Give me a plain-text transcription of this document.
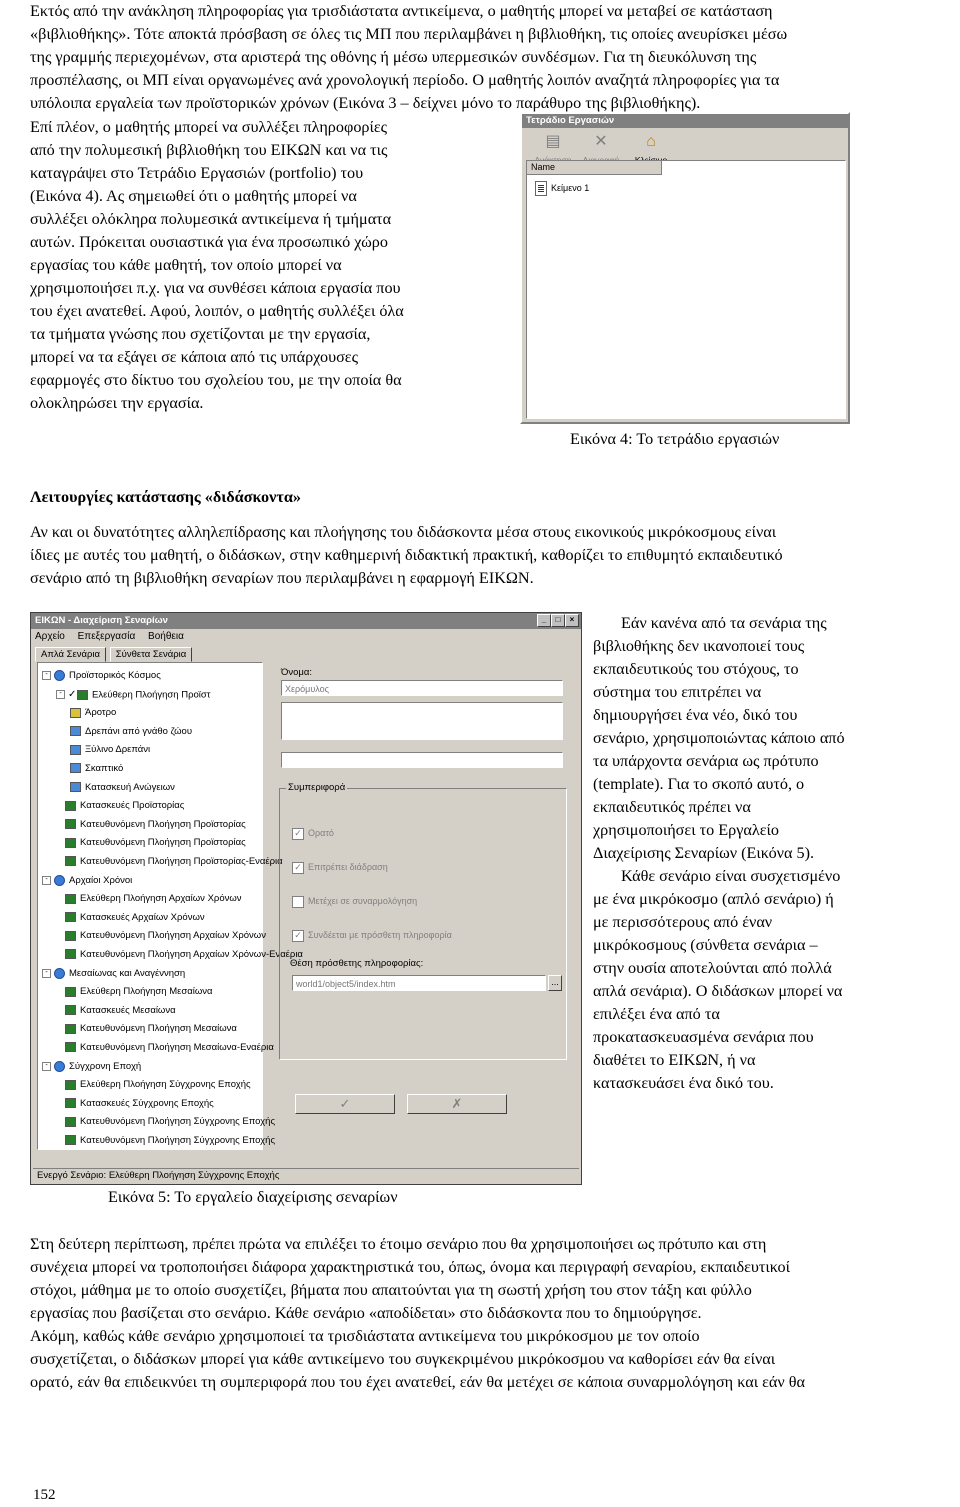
Εκτός από την ανάκληση πληροφορίας για τρισδιάστατα αντικείμενα, ο μαθητής μπορεί να μεταβεί σε κατάσταση
«βιβλιοθήκης». Τότε αποκτά πρόσβαση σε όλες τις ΜΠ που περιλαμβάνει η βιβλιοθήκη, τις οποίες ανευρίσκει μέσω
της γραμμής περιεχομένων, στα αριστερά της οθόνης ή μέσω υπερμεσικών συνδέσμων. Για τη διευκόλυνση της
προσπέλασης, οι ΜΠ είναι οργανωμένες ανά χρονολογική περίοδο. Ο μαθητής λοιπόν αναζητά πληροφορίες για τα
υπόλοιπα εργαλεία των προϊστορικών χρόνων (Εικόνα 3 – δείχνει μόνο το παράθυρο της βιβλιοθήκης).
Επί πλέον, ο μαθητής μπορεί να συλλέξει πληροφορίες
από την πολυμεσική βιβλιοθήκη του ΕΙΚΩΝ και να τις
καταγράψει στο Τετράδιο Εργασιών (portfolio) του
(Εικόνα 4). Ας σημειωθεί ότι ο μαθητής μπορεί να
συλλέξει ολόκληρα πολυμεσικά αντικείμενα ή τμήματα
αυτών. Πρόκειται ουσιαστικά για ένα προσωπικό χώρο
εργασίας του κάθε μαθητή, τον οποίο μπορεί να
χρησιμοποιήσει π.χ. για να συνθέσει κάποια εργασία που
του έχει ανατεθεί. Αφού, λοιπόν, ο μαθητής συλλέξει όλα
τα τμήματα γνώσης που σχετίζονται με την εργασία,
μπορεί να τα εξάγει σε κάποια από τις υπάρχουσες
εφαρμογές στο δίκτυο του σχολείου του, με την οποία θα
ολοκληρώσει την εργασία.
Τετράδιο Εργασιών
▤ ✕	⌂
Name
Κείμενο 1
Εικόνα 4: Το τετράδιο εργασιών
Λειτουργίες κατάστασης «διδάσκοντα»
Αν και οι δυνατότητες αλληλεπίδρασης και πλοήγησης του διδάσκοντα μέσα στους εικονικούς μικρόκοσμους είναι
ίδιες με αυτές του μαθητή, ο διδάσκων, στην καθημερινή διδακτική πρακτική, καθορίζει το επιθυμητό εκπαιδευτικό
σενάριο από τη βιβλιοθήκη σεναρίων που περιλαμβάνει η εφαρμογή ΕΙΚΩΝ.
ΕΙΚΩΝ - Διαχείριση Σεναρίων	_	□	×
Αρχείο Επεξεργασία Βοήθεια
Απλά Σενάρια Σύνθετα Σενάρια
- Προϊστορικός Κόσμος
- ✓ Ελεύθερη Πλοήγηση Προϊστ
Άροτρο
Δρεπάνι από γνάθο ζώου
Ξύλινο Δρεπάνι
Σκαπτικό
Κατασκευή Ανώγειων
Κατασκευές Προϊστορίας
Κατευθυνόμενη Πλοήγηση Προϊστορίας
Κατευθυνόμενη Πλοήγηση Προϊστορίας
Κατευθυνόμενη Πλοήγηση Προϊστορίας-Εναέρια
- Αρχαίοι Χρόνοι
Ελεύθερη Πλοήγηση Αρχαίων Χρόνων
Κατασκευές Αρχαίων Χρόνων
Κατευθυνόμενη Πλοήγηση Αρχαίων Χρόνων
Κατευθυνόμενη Πλοήγηση Αρχαίων Χρόνων-Εναέρια
- Μεσαίωνας και Αναγέννηση
Ελεύθερη Πλοήγηση Μεσαίωνα
Κατασκευές Μεσαίωνα
Κατευθυνόμενη Πλοήγηση Μεσαίωνα
Κατευθυνόμενη Πλοήγηση Μεσαίωνα-Εναέρια
- Σύγχρονη Εποχή
Ελεύθερη Πλοήγηση Σύγχρονης Εποχής
Κατασκευές Σύγχρονης Εποχής
Κατευθυνόμενη Πλοήγηση Σύγχρονης Εποχής
Κατευθυνόμενη Πλοήγηση Σύγχρονης Εποχής
Όνομα:
Χερόμυλος
Συμπεριφορά
✓ Ορατό
✓ Επιτρέπει διάδραση
Μετέχει σε συναρμολόγηση
✓ Συνδέεται με πρόσθετη πληροφορία
Θέση πρόσθετης πληροφορίας:
world1/object5/index.htm	...
✓	✗
Ενεργό Σενάριο: Ελεύθερη Πλοήγηση Σύγχρονης Εποχής
Εικόνα 5: Το εργαλείο διαχείρισης σεναρίων
Εάν κανένα από τα σενάρια της
βιβλιοθήκης δεν ικανοποιεί τους
εκπαιδευτικούς του στόχους, το
σύστημα του επιτρέπει να
δημιουργήσει ένα νέο, δικό του
σενάριο, χρησιμοποιώντας κάποιο από
τα υπάρχοντα σενάρια ως πρότυπο
(template). Για το σκοπό αυτό, ο
εκπαιδευτικός πρέπει να
χρησιμοποιήσει το Εργαλείο
Διαχείρισης Σεναρίων (Εικόνα 5).
Κάθε σενάριο είναι συσχετισμένο
με ένα μικρόκοσμο (απλό σενάριο) ή
με περισσότερους από έναν
μικρόκοσμους (σύνθετα σενάρια –
στην ουσία αποτελούνται από πολλά
απλά σενάρια). Ο διδάσκων μπορεί να
επιλέξει ένα από τα
προκατασκευασμένα σενάρια που
διαθέτει το ΕΙΚΩΝ, ή να
κατασκευάσει ένα δικό του.
Στη δεύτερη περίπτωση, πρέπει πρώτα να επιλέξει το έτοιμο σενάριο που θα χρησιμοποιήσει ως πρότυπο και στη
συνέχεια μπορεί να τροποποιήσει διάφορα χαρακτηριστικά του, όπως, όνομα και περιγραφή σεναρίου, εκπαιδευτικοί
στόχοι, μάθημα με το οποίο συσχετίζει, βήματα που απαιτούνται για τη σωστή χρήση του στον τάξη και φύλλο
εργασίας που βασίζεται στο σενάριο. Κάθε σενάριο «αποδίδεται» στο διδάσκοντα που το δημιούργησε.
Ακόμη, καθώς κάθε σενάριο χρησιμοποιεί τα τρισδιάστατα αντικείμενα του μικρόκοσμου με τον οποίο
συσχετίζεται, ο διδάσκων μπορεί για κάθε αντικείμενο του συγκεκριμένου μικρόκοσμου να καθορίσει εάν θα είναι
ορατό, εάν θα επιδεικνύει τη συμπεριφορά που του έχει ανατεθεί, εάν θα μετέχει σε κάποια συναρμολόγηση και εάν θα
152
